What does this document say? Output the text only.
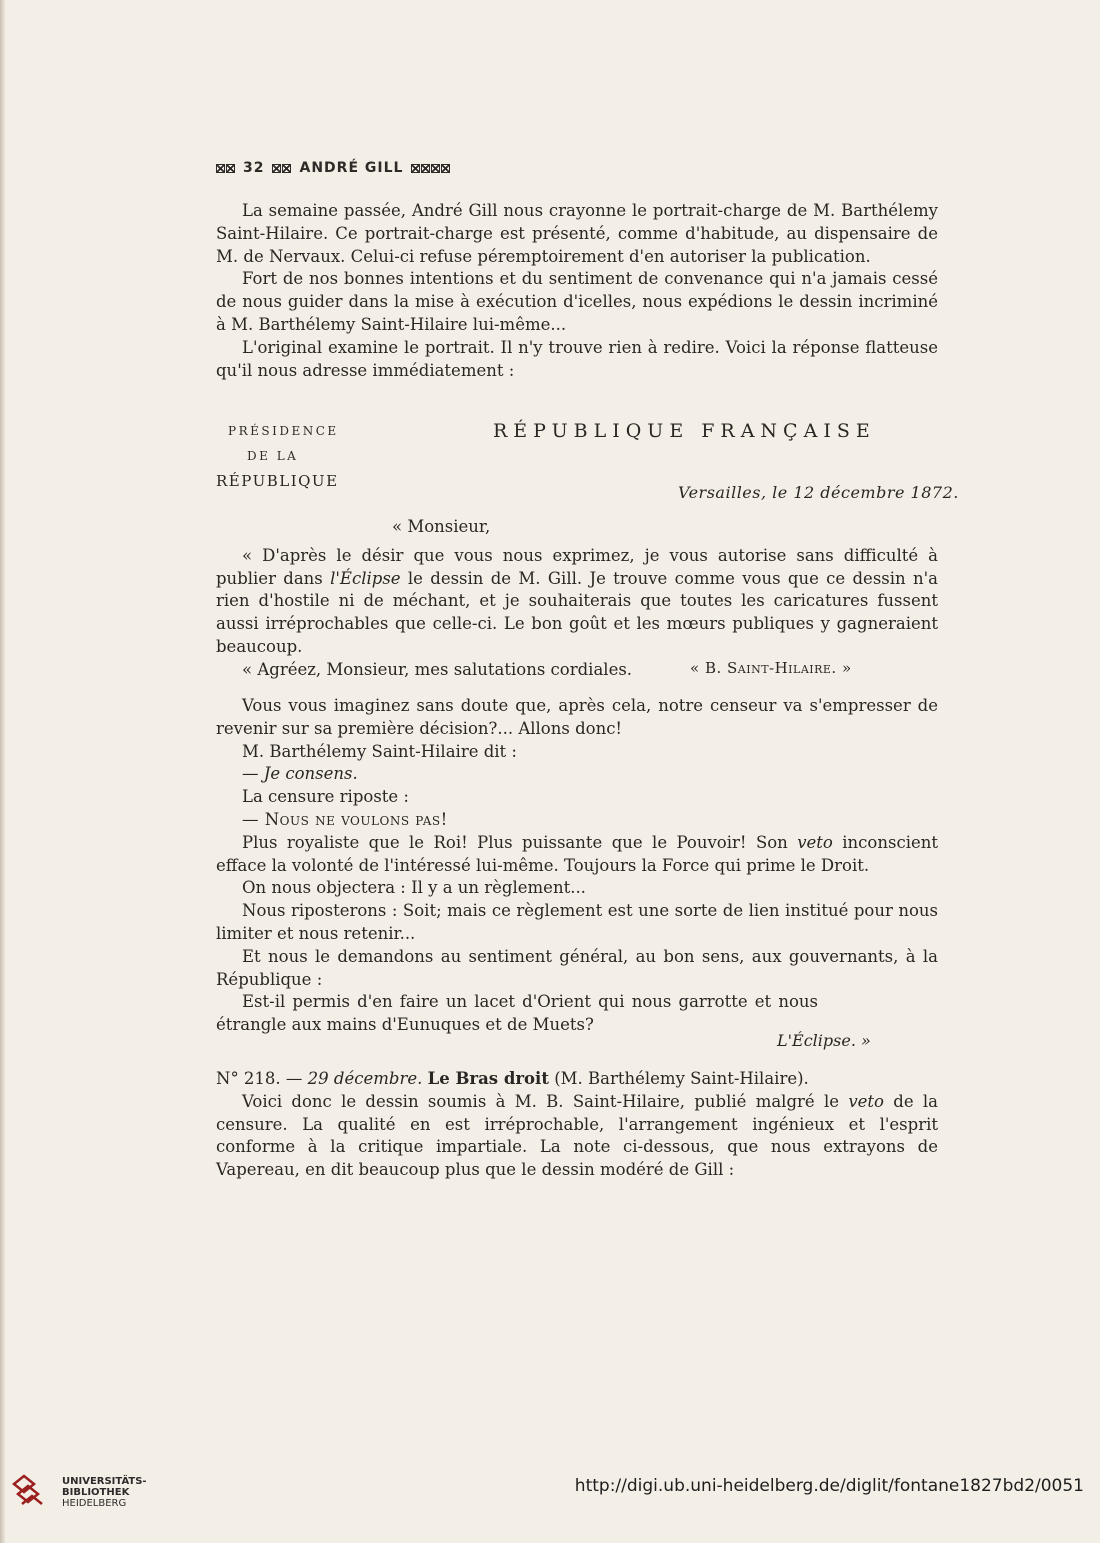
32	ANDRÉ GILL

La semaine passée, André Gill nous crayonne le portrait-charge de M. Barthélemy Saint-Hilaire. Ce portrait-charge est présenté, comme d'habitude, au dispensaire de M. de Nervaux. Celui-ci refuse péremptoirement d'en autoriser la publication.

Fort de nos bonnes intentions et du sentiment de convenance qui n'a jamais cessé de nous guider dans la mise à exécution d'icelles, nous expédions le dessin incriminé à M. Barthélemy Saint-Hilaire lui-même...

L'original examine le portrait. Il n'y trouve rien à redire. Voici la réponse flatteuse qu'il nous adresse immédiatement :

PRÉSIDENCE
DE LA
RÉPUBLIQUE
RÉPUBLIQUE FRANÇAISE
Versailles, le 12 décembre 1872.

« Monsieur,

« D'après le désir que vous nous exprimez, je vous autorise sans difficulté à publier dans l'Éclipse le dessin de M. Gill. Je trouve comme vous que ce dessin n'a rien d'hostile ni de méchant, et je souhaiterais que toutes les caricatures fussent aussi irréprochables que celle-ci. Le bon goût et les mœurs publiques y gagneraient beaucoup.

« Agréez, Monsieur, mes salutations cordiales.	« B. Saint-Hilaire. »

Vous vous imaginez sans doute que, après cela, notre censeur va s'empresser de revenir sur sa première décision?... Allons donc!

M. Barthélemy Saint-Hilaire dit :

— Je consens.

La censure riposte :

— Nous ne voulons pas!

Plus royaliste que le Roi! Plus puissante que le Pouvoir! Son veto inconscient efface la volonté de l'intéressé lui-même. Toujours la Force qui prime le Droit.

On nous objectera : Il y a un règlement...

Nous riposterons : Soit; mais ce règlement est une sorte de lien institué pour nous limiter et nous retenir...

Et nous le demandons au sentiment général, au bon sens, aux gouvernants, à la République :

Est-il permis d'en faire un lacet d'Orient qui nous garrotte et nous étrangle aux mains d'Eunuques et de Muets?

L'Éclipse. »

N° 218. — 29 décembre. Le Bras droit (M. Barthélemy Saint-Hilaire).

Voici donc le dessin soumis à M. B. Saint-Hilaire, publié malgré le veto de la censure. La qualité en est irréprochable, l'arrangement ingénieux et l'esprit conforme à la critique impartiale. La note ci-dessous, que nous extrayons de Vapereau, en dit beaucoup plus que le dessin modéré de Gill :

UNIVERSITÄTS-
BIBLIOTHEK
HEIDELBERG
http://digi.ub.uni-heidelberg.de/diglit/fontane1827bd2/0051
